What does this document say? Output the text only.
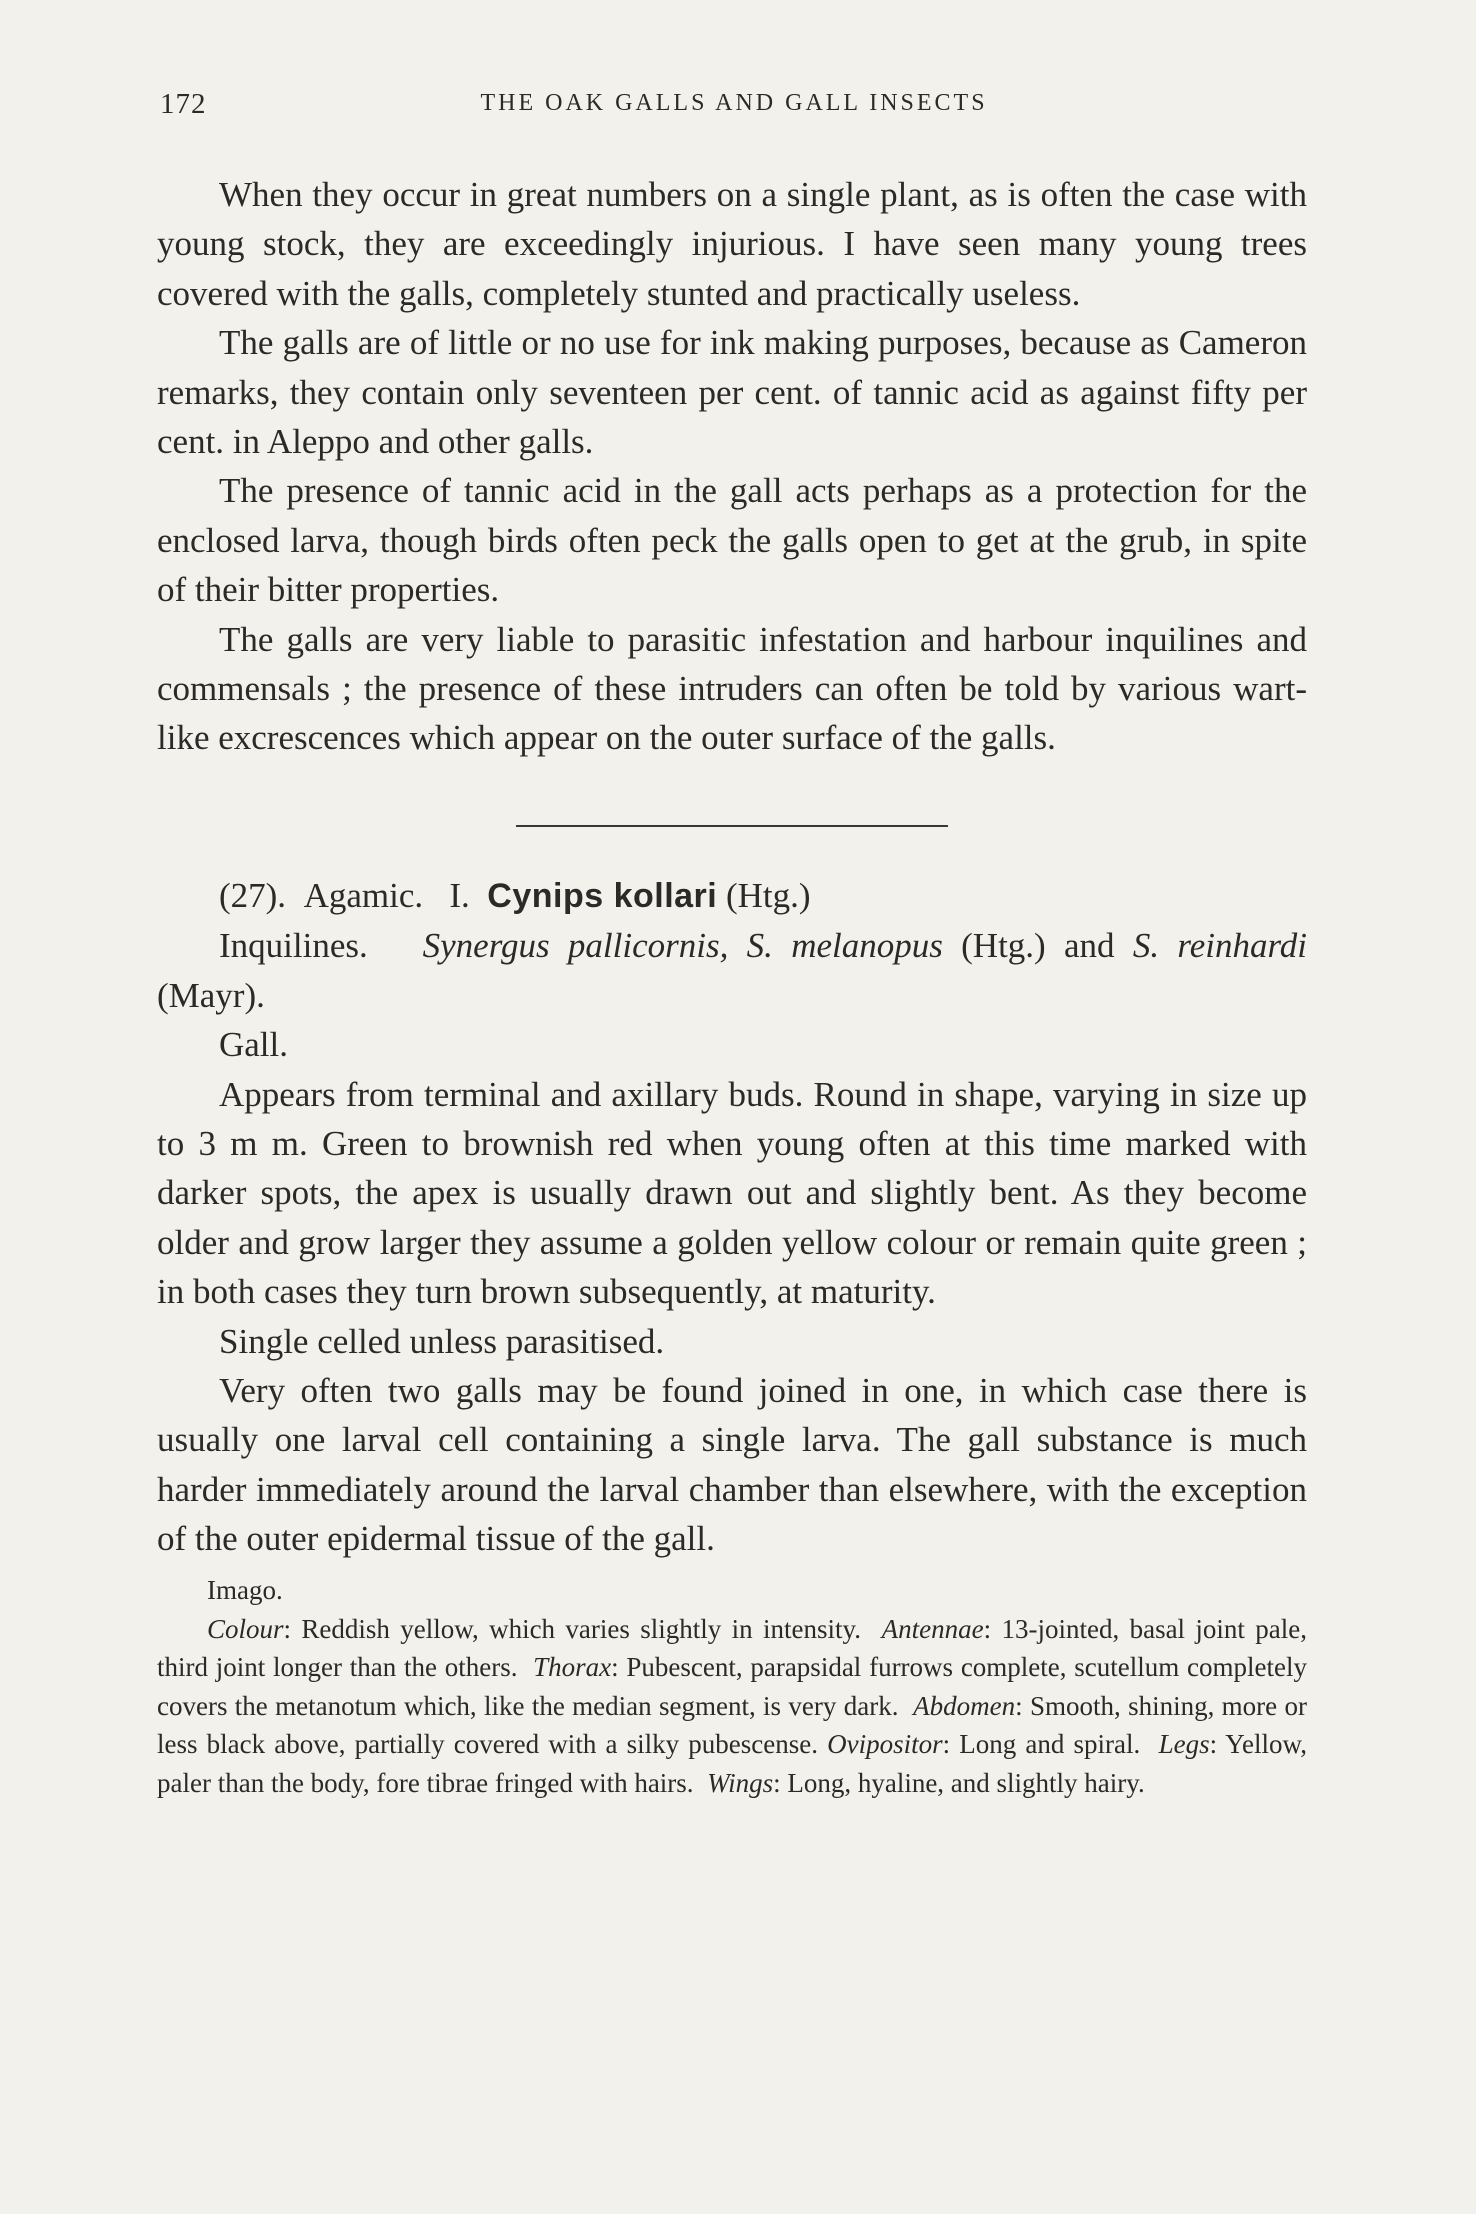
172	THE OAK GALLS AND GALL INSECTS

When they occur in great numbers on a single plant, as is often the case with young stock, they are exceedingly injurious. I have seen many young trees covered with the galls, completely stunted and practically useless.

The galls are of little or no use for ink making purposes, because as Cameron remarks, they contain only seventeen per cent. of tannic acid as against fifty per cent. in Aleppo and other galls.

The presence of tannic acid in the gall acts perhaps as a protection for the enclosed larva, though birds often peck the galls open to get at the grub, in spite of their bitter properties.

The galls are very liable to parasitic infestation and harbour inquilines and commensals ; the presence of these intruders can often be told by various wart-like excrescences which appear on the outer surface of the galls.

(27). Agamic. I. Cynips kollari (Htg.)

Inquilines. Synergus pallicornis, S. melanopus (Htg.) and S. reinhardi (Mayr).

Gall.

Appears from terminal and axillary buds. Round in shape, varying in size up to 3 m m. Green to brownish red when young often at this time marked with darker spots, the apex is usually drawn out and slightly bent. As they become older and grow larger they assume a golden yellow colour or remain quite green ; in both cases they turn brown subsequently, at maturity.

Single celled unless parasitised.

Very often two galls may be found joined in one, in which case there is usually one larval cell containing a single larva. The gall substance is much harder immediately around the larval chamber than elsewhere, with the exception of the outer epidermal tissue of the gall.

Imago.

Colour: Reddish yellow, which varies slightly in intensity. Antennae: 13-jointed, basal joint pale, third joint longer than the others. Thorax: Pubescent, parapsidal furrows complete, scutellum completely covers the metanotum which, like the median segment, is very dark. Abdomen: Smooth, shining, more or less black above, partially covered with a silky pubescense. Ovipositor: Long and spiral. Legs: Yellow, paler than the body, fore tibrae fringed with hairs. Wings: Long, hyaline, and slightly hairy.
